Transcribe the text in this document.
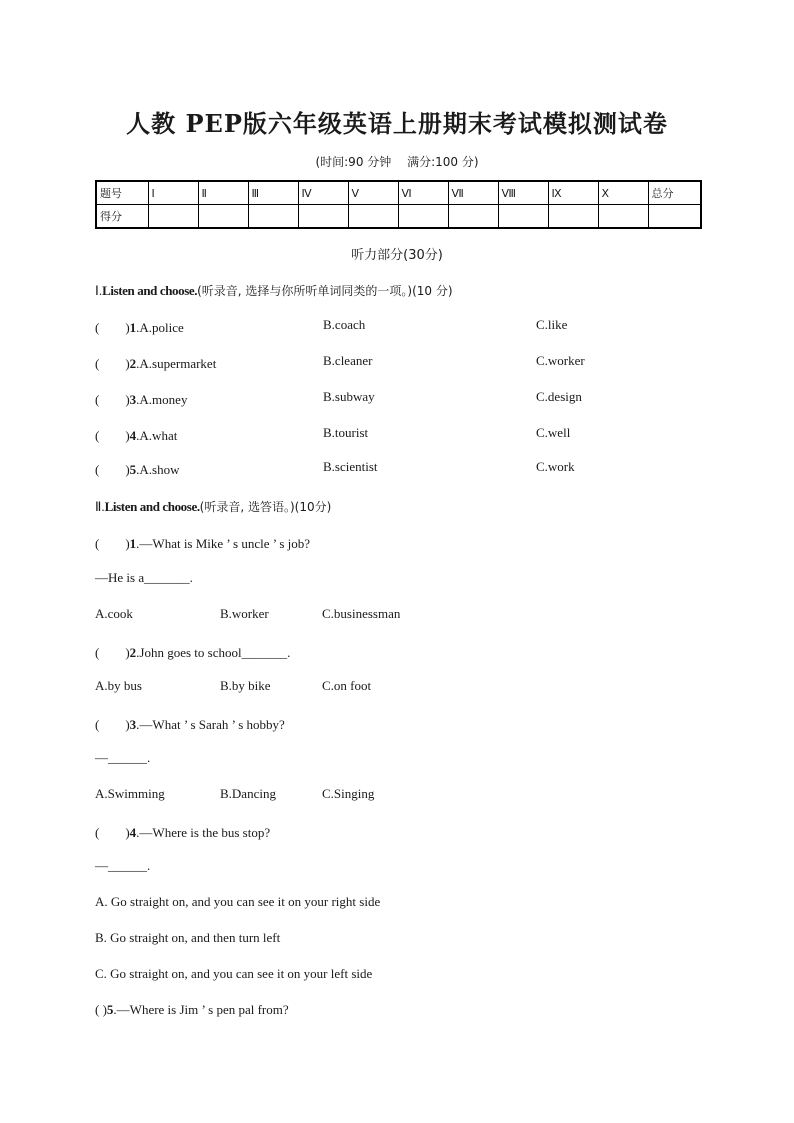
人教 PEP版六年级英语上册期末考试模拟测试卷
(时间:90 分钟　 满分:100 分)
题号	Ⅰ	Ⅱ	Ⅲ	Ⅳ	Ⅴ	Ⅵ	Ⅶ	Ⅷ	Ⅸ	Ⅹ	总分
得分											
听力部分(30分)
Ⅰ.Listen and choose.(听录音, 选择与你所听单词同类的一项。)(10 分)
(　　)1.A.police	B.coach	C.like
(　　)2.A.supermarket	B.cleaner	C.worker
(　　)3.A.money	B.subway	C.design
(　　)4.A.what	B.tourist	C.well
(　　)5.A.show	B.scientist	C.work
Ⅱ.Listen and choose.(听录音, 选答语。)(10分)
(　　)1.—What is Mike ’ s uncle ’ s job?
—He is a_______.
A.cook	B.worker	C.businessman
(　　)2.John goes to school_______.
A.by bus	B.by bike	C.on foot
(　　)3.—What ’ s Sarah ’ s hobby?
—______.
A.Swimming	B.Dancing	C.Singing
(　　)4.—Where is the bus stop?
—______.
A. Go straight on, and you can see it on your right side
B. Go straight on, and then turn left
C. Go straight on, and you can see it on your left side
( )5.—Where is Jim ’ s pen pal from?
